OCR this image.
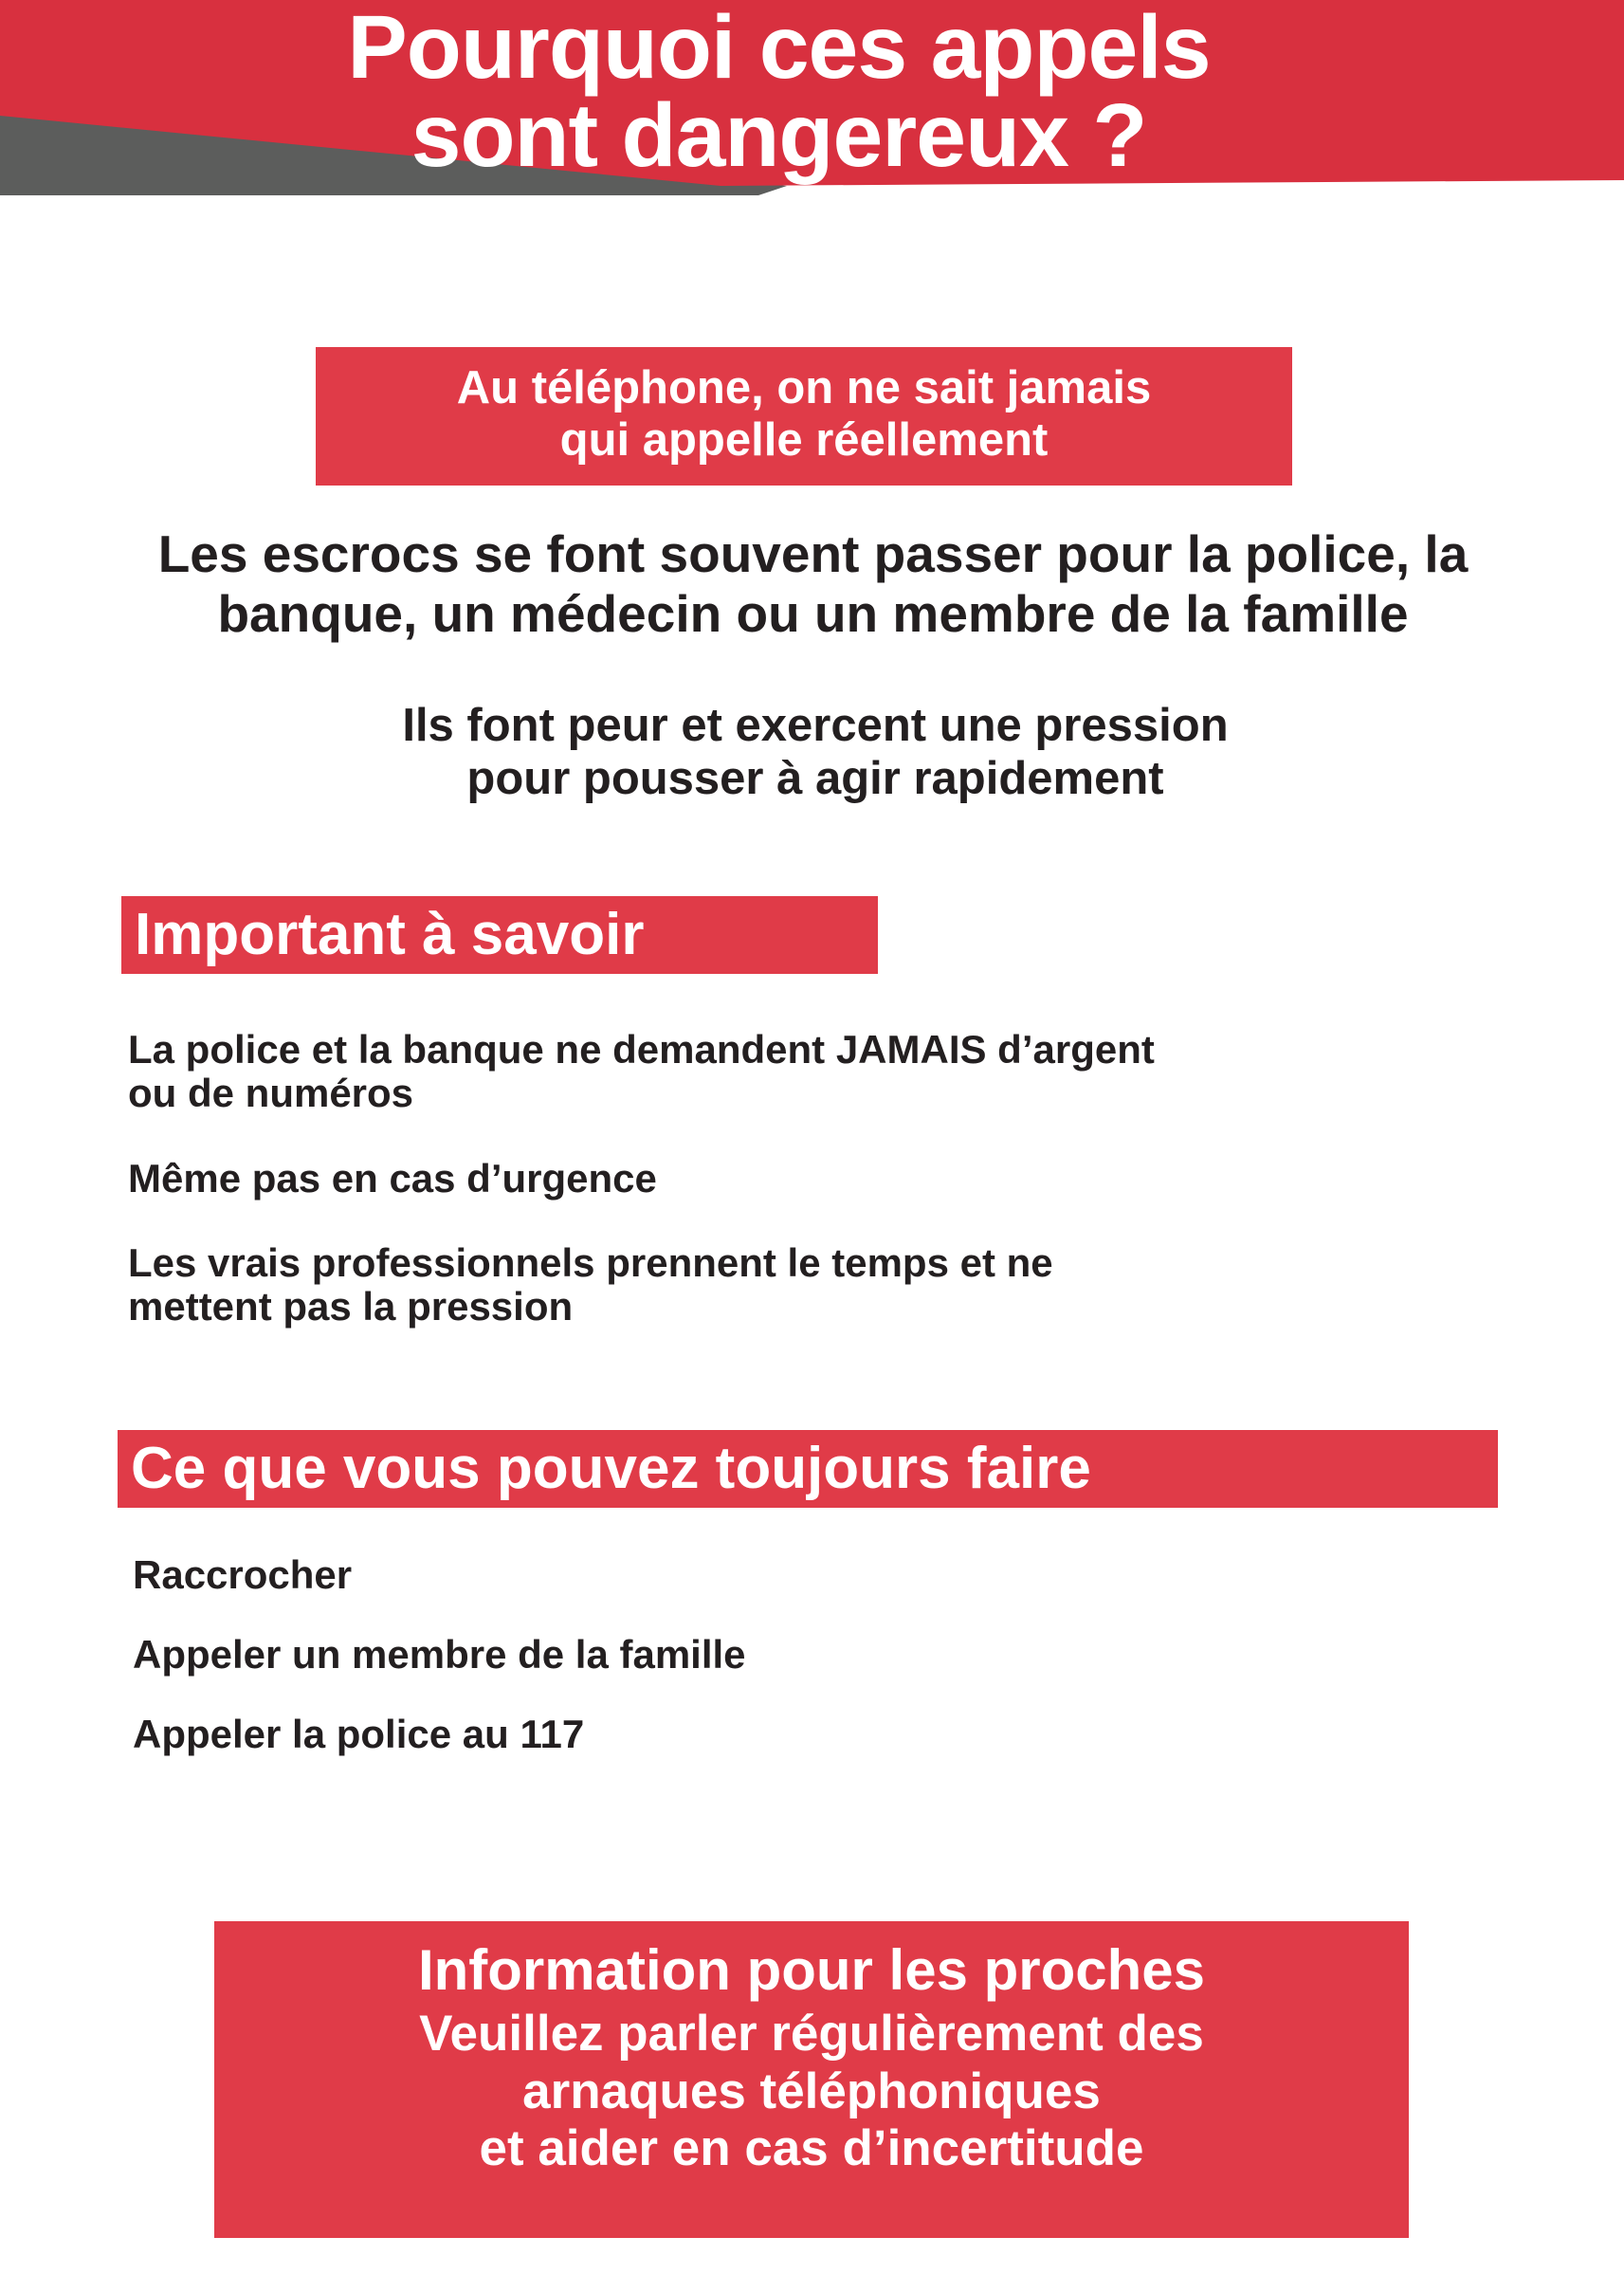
Pourquoi ces appels
sont dangereux ?
Au téléphone, on ne sait jamais
qui appelle réellement
Les escrocs se font souvent passer pour la police, la
banque, un médecin ou un membre de la famille
Ils font peur et exercent une pression
pour pousser à agir rapidement
Important à savoir
La police et la banque ne demandent JAMAIS d’argent
ou de numéros
Même pas en cas d’urgence
Les vrais professionnels prennent le temps et ne
mettent pas la pression
Ce que vous pouvez toujours faire
Raccrocher
Appeler un membre de la famille
Appeler la police au 117
Information pour les proches
Veuillez parler régulièrement des
arnaques téléphoniques
et aider en cas d’incertitude
